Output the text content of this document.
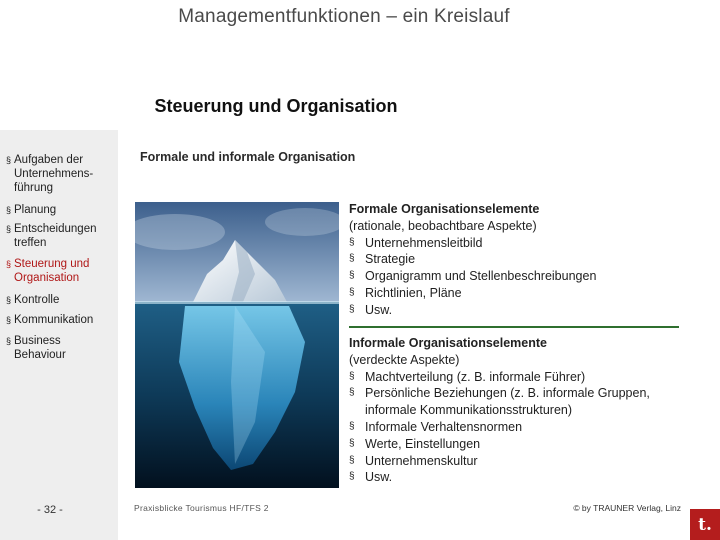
Managementfunktionen – ein Kreislauf
Steuerung und Organisation
§ Aufgaben der Unternehmens-führung
§ Planung
§ Entscheidungen treffen
§ Steuerung und Organisation
§ Kontrolle
§ Kommunikation
§ Business Behaviour
- 32 -
Formale und informale Organisation
Formale Organisationselemente
(rationale, beobachtbare Aspekte)
§ Unternehmensleitbild
§ Strategie
§ Organigramm und Stellenbeschreibungen
§ Richtlinien, Pläne
§ Usw.
Informale Organisationselemente
(verdeckte Aspekte)
§ Machtverteilung (z. B. informale Führer)
§ Persönliche Beziehungen (z. B. informale Gruppen, informale Kommunikationsstrukturen)
§ Informale Verhaltensnormen
§ Werte, Einstellungen
§ Unternehmenskultur
§ Usw.
Praxisblicke Tourismus HF/TFS 2	© by TRAUNER Verlag, Linz
t.
